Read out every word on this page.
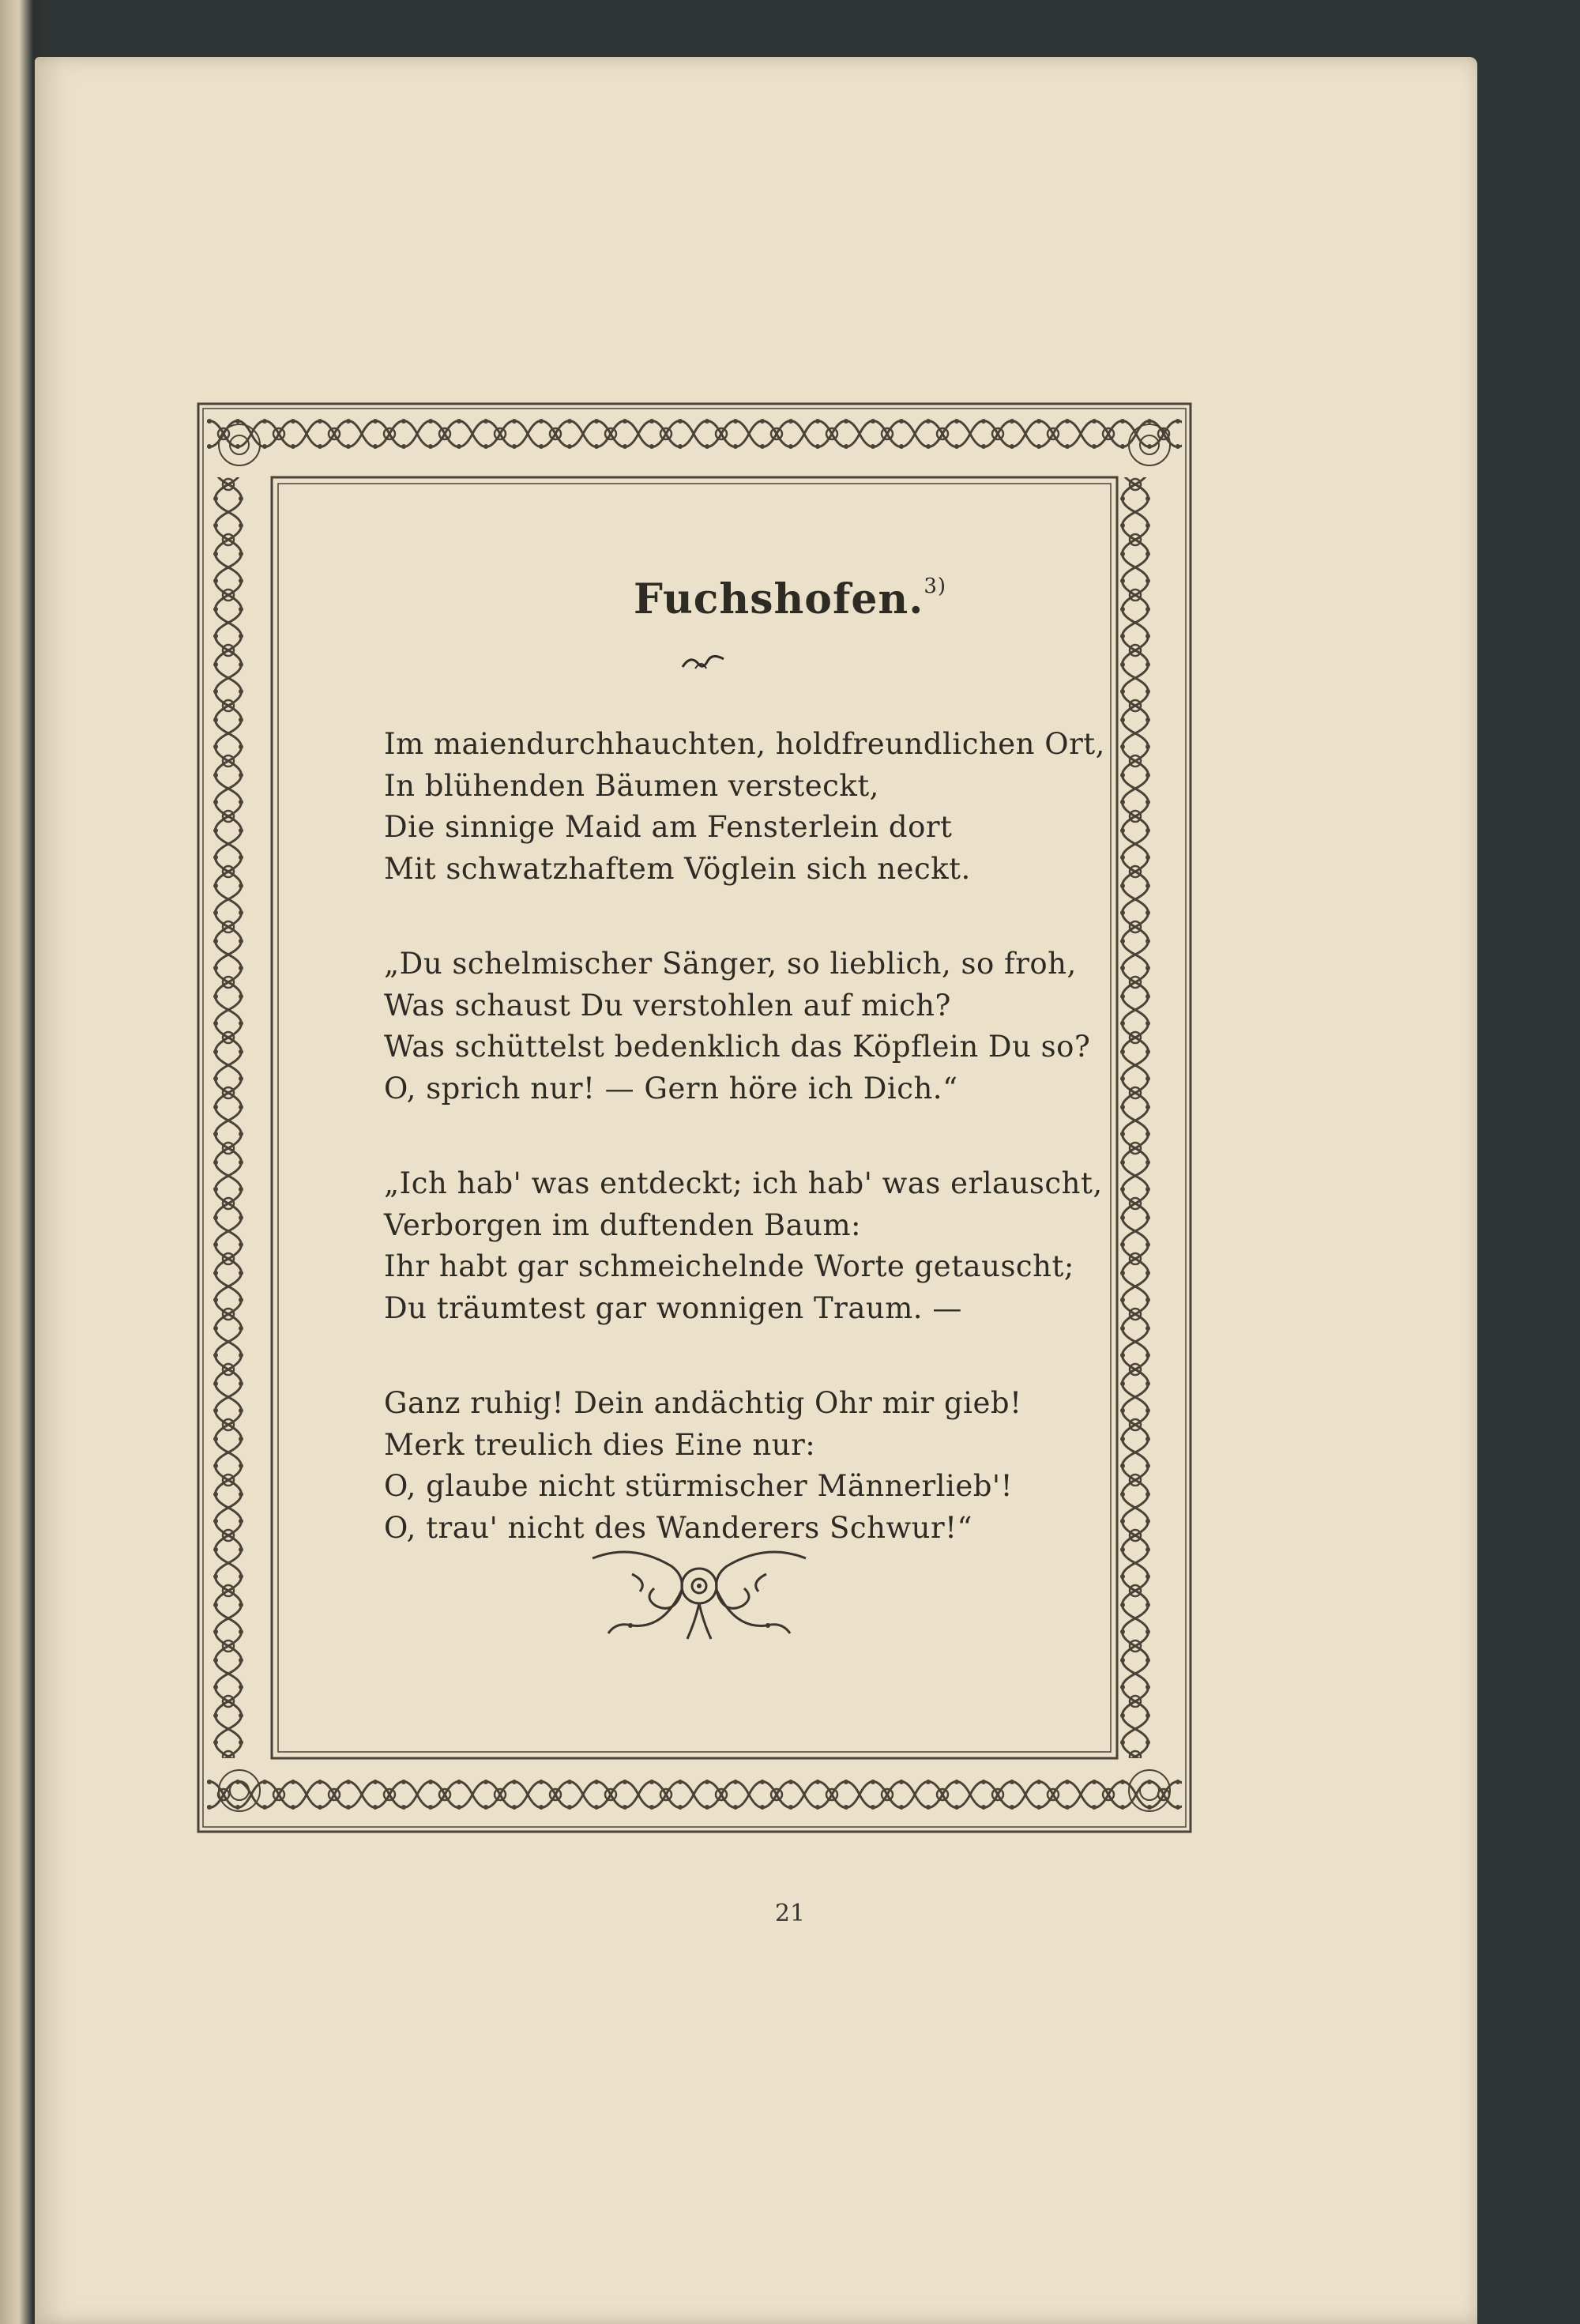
Fuchshofen.$^{3)}$
Im maiendurchhauchten, holdfreundlichen Ort,
In blühenden Bäumen versteckt,
Die sinnige Maid am Fensterlein dort
Mit schwatzhaftem Vöglein sich neckt.
„Du schelmischer Sänger, so lieblich, so froh,
Was schaust Du verstohlen auf mich?
Was schüttelst bedenklich das Köpflein Du so?
O, sprich nur! — Gern höre ich Dich.“
„Ich hab' was entdeckt; ich hab' was erlauscht,
Verborgen im duftenden Baum:
Ihr habt gar schmeichelnde Worte getauscht;
Du träumtest gar wonnigen Traum. —
Ganz ruhig! Dein andächtig Ohr mir gieb!
Merk treulich dies Eine nur:
O, glaube nicht stürmischer Männerlieb'!
O, trau' nicht des Wanderers Schwur!“
21
